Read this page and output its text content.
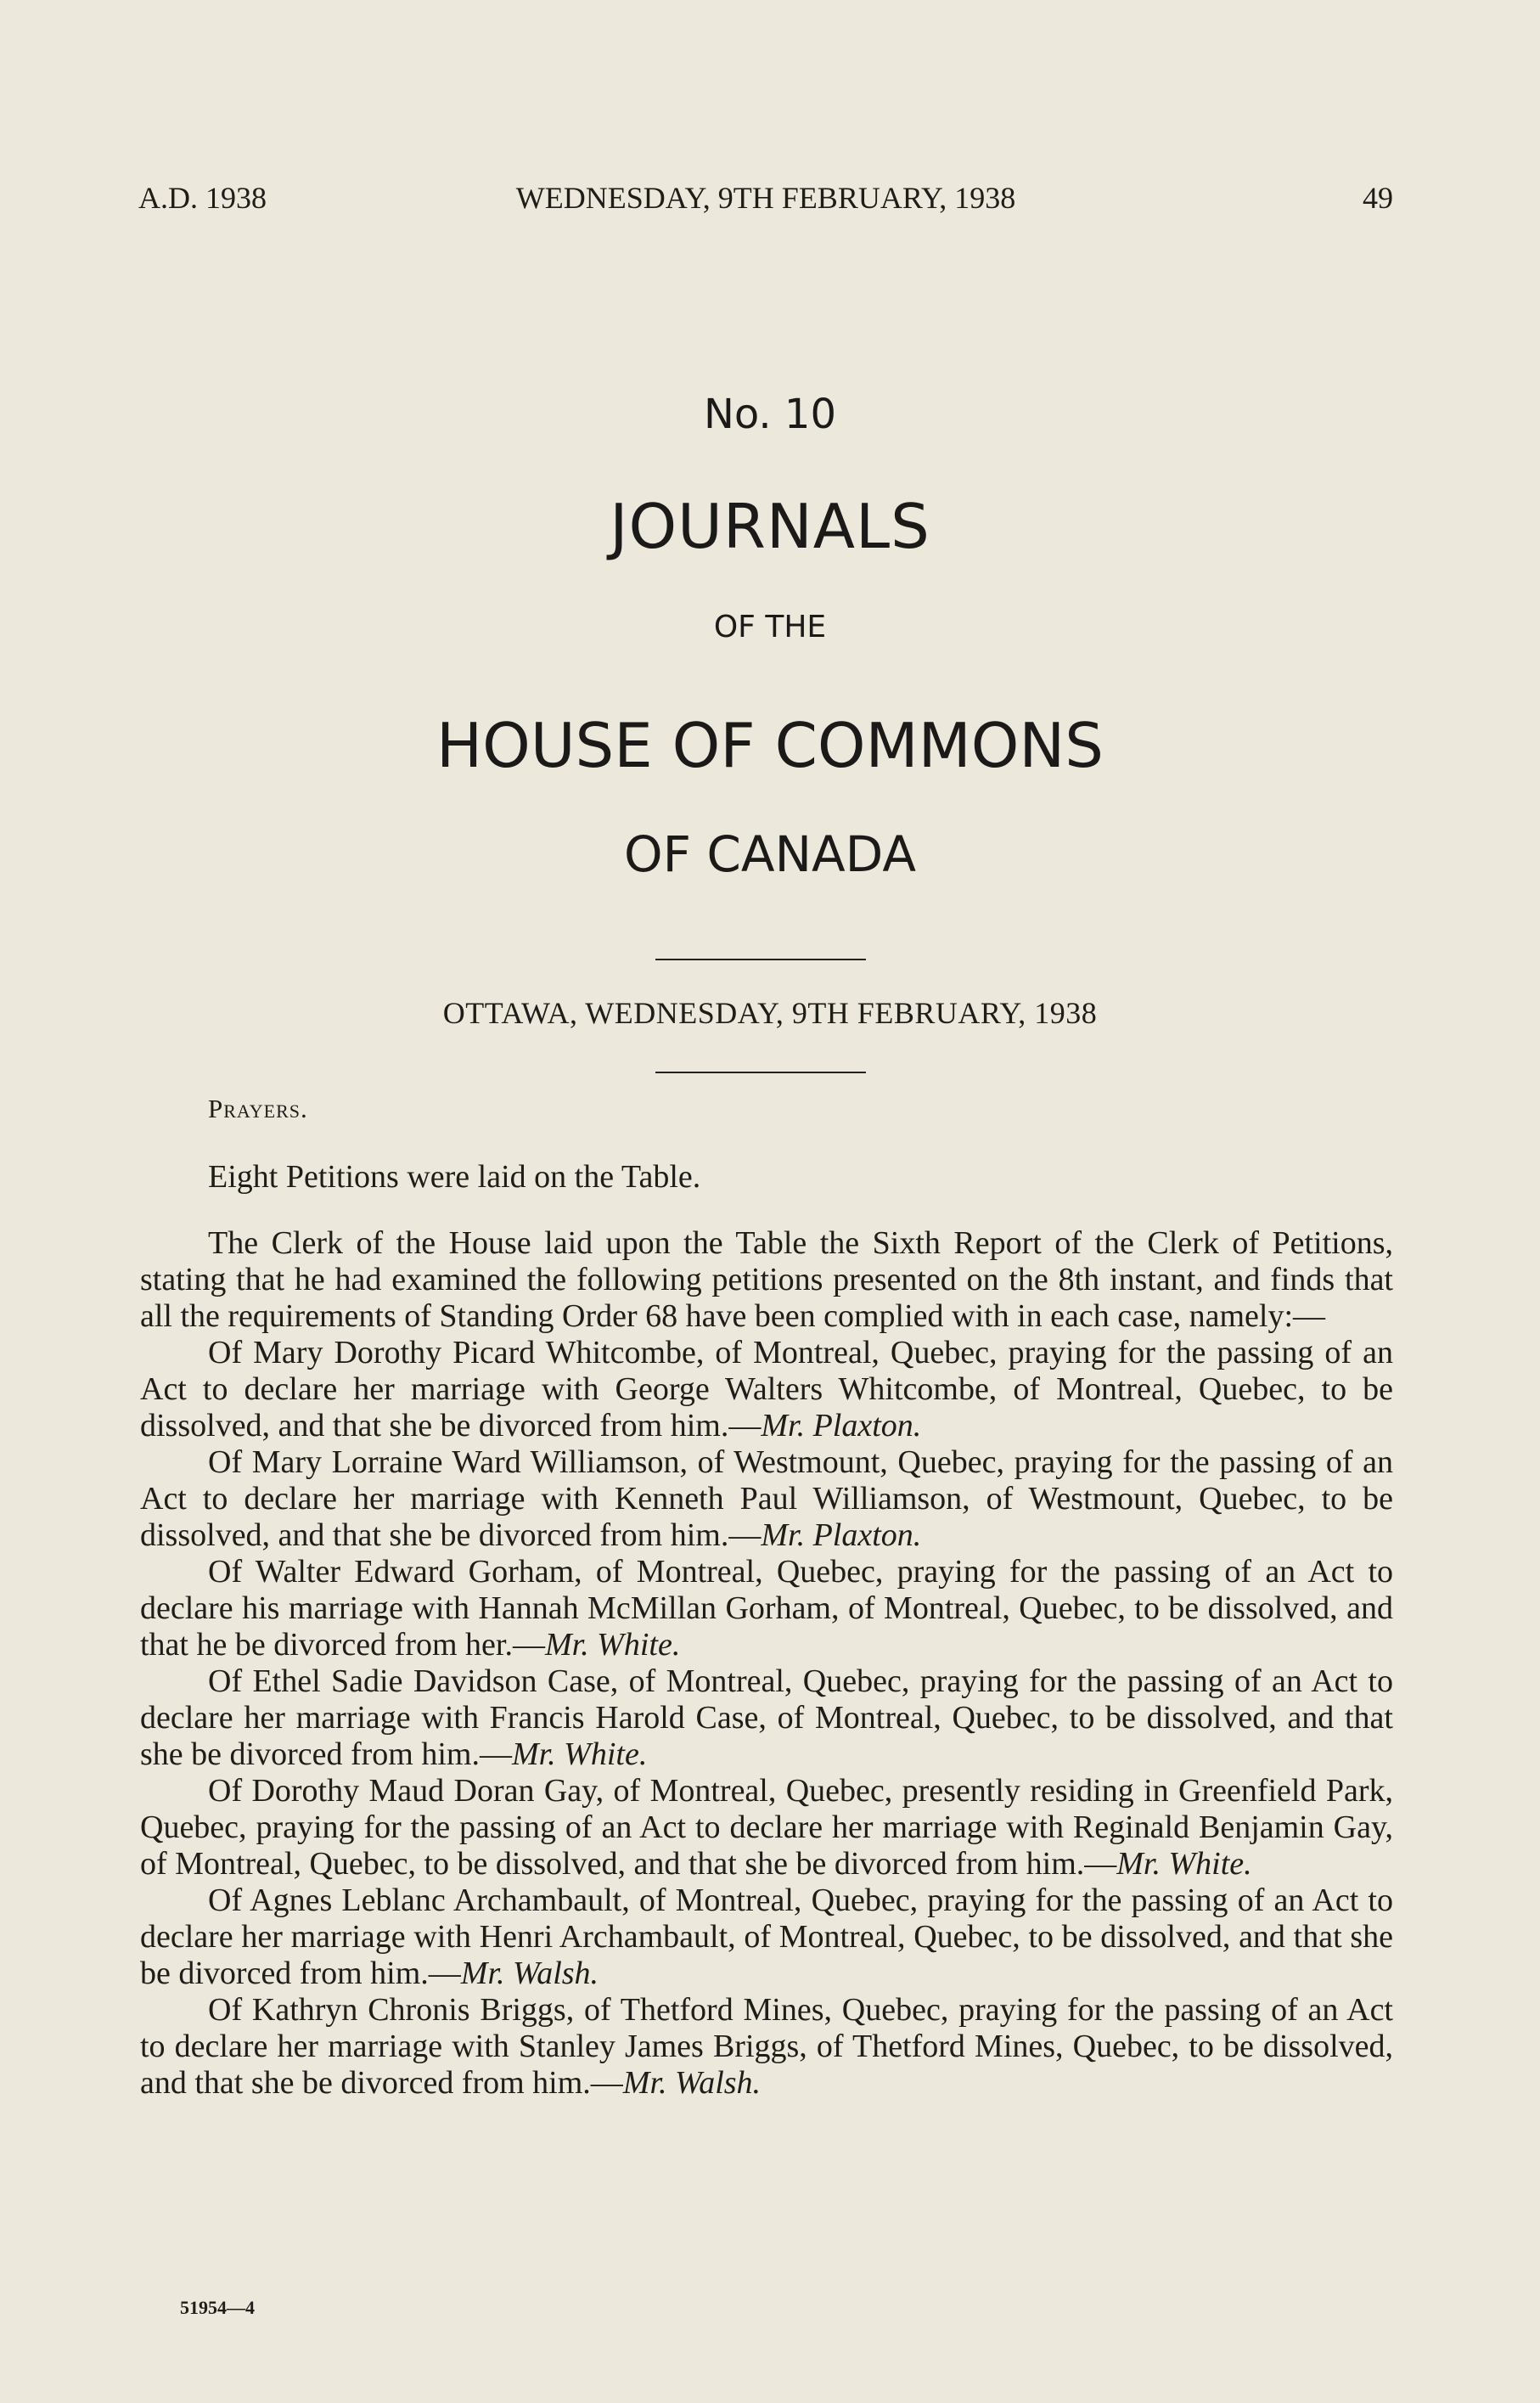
A.D. 1938	WEDNESDAY, 9TH FEBRUARY, 1938	49
No. 10
JOURNALS
OF THE
HOUSE OF COMMONS
OF CANADA
OTTAWA, WEDNESDAY, 9TH FEBRUARY, 1938
Prayers.

Eight Petitions were laid on the Table.

The Clerk of the House laid upon the Table the Sixth Report of the Clerk of Petitions, stating that he had examined the following petitions presented on the 8th instant, and finds that all the requirements of Standing Order 68 have been complied with in each case, namely:—

Of Mary Dorothy Picard Whitcombe, of Montreal, Quebec, praying for the passing of an Act to declare her marriage with George Walters Whitcombe, of Montreal, Quebec, to be dissolved, and that she be divorced from him.—Mr. Plaxton.

Of Mary Lorraine Ward Williamson, of Westmount, Quebec, praying for the passing of an Act to declare her marriage with Kenneth Paul Williamson, of Westmount, Quebec, to be dissolved, and that she be divorced from him.—Mr. Plaxton.

Of Walter Edward Gorham, of Montreal, Quebec, praying for the passing of an Act to declare his marriage with Hannah McMillan Gorham, of Montreal, Quebec, to be dissolved, and that he be divorced from her.—Mr. White.

Of Ethel Sadie Davidson Case, of Montreal, Quebec, praying for the passing of an Act to declare her marriage with Francis Harold Case, of Montreal, Quebec, to be dissolved, and that she be divorced from him.—Mr. White.

Of Dorothy Maud Doran Gay, of Montreal, Quebec, presently residing in Greenfield Park, Quebec, praying for the passing of an Act to declare her marriage with Reginald Benjamin Gay, of Montreal, Quebec, to be dissolved, and that she be divorced from him.—Mr. White.

Of Agnes Leblanc Archambault, of Montreal, Quebec, praying for the passing of an Act to declare her marriage with Henri Archambault, of Montreal, Quebec, to be dissolved, and that she be divorced from him.—Mr. Walsh.

Of Kathryn Chronis Briggs, of Thetford Mines, Quebec, praying for the passing of an Act to declare her marriage with Stanley James Briggs, of Thetford Mines, Quebec, to be dissolved, and that she be divorced from him.—Mr. Walsh.

51954—4
